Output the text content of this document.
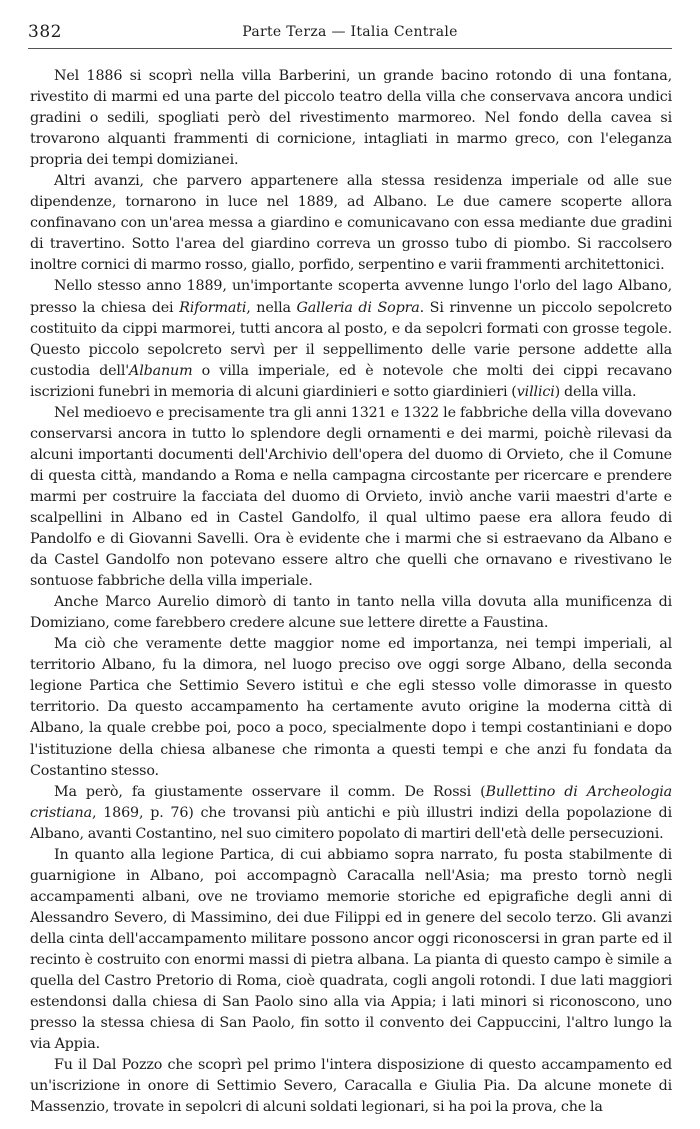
382	Parte Terza — Italia Centrale

Nel 1886 si scoprì nella villa Barberini, un grande bacino rotondo di una fontana, rivestito di marmi ed una parte del piccolo teatro della villa che conservava ancora undici gradini o sedili, spogliati però del rivestimento marmoreo. Nel fondo della cavea si trovarono alquanti frammenti di cornicione, intagliati in marmo greco, con l'eleganza propria dei tempi domizianei.

Altri avanzi, che parvero appartenere alla stessa residenza imperiale od alle sue dipendenze, tornarono in luce nel 1889, ad Albano. Le due camere scoperte allora confinavano con un'area messa a giardino e comunicavano con essa mediante due gradini di travertino. Sotto l'area del giardino correva un grosso tubo di piombo. Si raccolsero inoltre cornici di marmo rosso, giallo, porfido, serpentino e varii frammenti architettonici.

Nello stesso anno 1889, un'importante scoperta avvenne lungo l'orlo del lago Albano, presso la chiesa dei Riformati, nella Galleria di Sopra. Si rinvenne un piccolo sepolcreto costituito da cippi marmorei, tutti ancora al posto, e da sepolcri formati con grosse tegole. Questo piccolo sepolcreto servì per il seppellimento delle varie persone addette alla custodia dell'Albanum o villa imperiale, ed è notevole che molti dei cippi recavano iscrizioni funebri in memoria di alcuni giardinieri e sotto giardinieri (villici) della villa.

Nel medioevo e precisamente tra gli anni 1321 e 1322 le fabbriche della villa dovevano conservarsi ancora in tutto lo splendore degli ornamenti e dei marmi, poichè rilevasi da alcuni importanti documenti dell'Archivio dell'opera del duomo di Orvieto, che il Comune di questa città, mandando a Roma e nella campagna circostante per ricercare e prendere marmi per costruire la facciata del duomo di Orvieto, inviò anche varii maestri d'arte e scalpellini in Albano ed in Castel Gandolfo, il qual ultimo paese era allora feudo di Pandolfo e di Giovanni Savelli. Ora è evidente che i marmi che si estraevano da Albano e da Castel Gandolfo non potevano essere altro che quelli che ornavano e rivestivano le sontuose fabbriche della villa imperiale.

Anche Marco Aurelio dimorò di tanto in tanto nella villa dovuta alla munificenza di Domiziano, come farebbero credere alcune sue lettere dirette a Faustina.

Ma ciò che veramente dette maggior nome ed importanza, nei tempi imperiali, al territorio Albano, fu la dimora, nel luogo preciso ove oggi sorge Albano, della seconda legione Partica che Settimio Severo istituì e che egli stesso volle dimorasse in questo territorio. Da questo accampamento ha certamente avuto origine la moderna città di Albano, la quale crebbe poi, poco a poco, specialmente dopo i tempi costantiniani e dopo l'istituzione della chiesa albanese che rimonta a questi tempi e che anzi fu fondata da Costantino stesso.

Ma però, fa giustamente osservare il comm. De Rossi (Bullettino di Archeologia cristiana, 1869, p. 76) che trovansi più antichi e più illustri indizi della popolazione di Albano, avanti Costantino, nel suo cimitero popolato di martiri dell'età delle persecuzioni.

In quanto alla legione Partica, di cui abbiamo sopra narrato, fu posta stabilmente di guarnigione in Albano, poi accompagnò Caracalla nell'Asia; ma presto tornò negli accampamenti albani, ove ne troviamo memorie storiche ed epigrafiche degli anni di Alessandro Severo, di Massimino, dei due Filippi ed in genere del secolo terzo. Gli avanzi della cinta dell'accampamento militare possono ancor oggi riconoscersi in gran parte ed il recinto è costruito con enormi massi di pietra albana. La pianta di questo campo è simile a quella del Castro Pretorio di Roma, cioè quadrata, cogli angoli rotondi. I due lati maggiori estendonsi dalla chiesa di San Paolo sino alla via Appia; i lati minori si riconoscono, uno presso la stessa chiesa di San Paolo, fin sotto il convento dei Cappuccini, l'altro lungo la via Appia.

Fu il Dal Pozzo che scoprì pel primo l'intera disposizione di questo accampamento ed un'iscrizione in onore di Settimio Severo, Caracalla e Giulia Pia. Da alcune monete di Massenzio, trovate in sepolcri di alcuni soldati legionari, si ha poi la prova, che la
